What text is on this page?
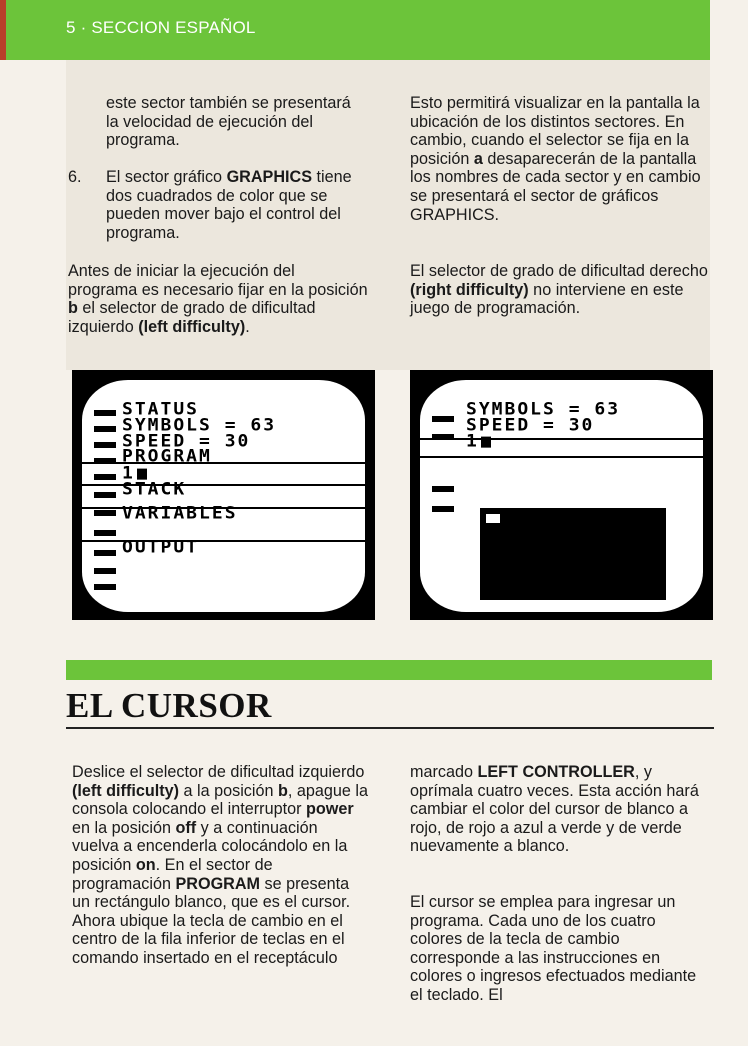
5 · SECCION ESPAÑOL
este sector también se presentará la velocidad de ejecución del programa.
6. El sector gráfico GRAPHICS tiene dos cuadrados de color que se pueden mover bajo el control del programa.
Antes de iniciar la ejecución del programa es necesario fijar en la posición b el selector de grado de dificultad izquierdo (left difficulty).
Esto permitirá visualizar en la pantalla la ubicación de los distintos sectores. En cambio, cuando el selector se fija en la posición a desaparecerán de la pantalla los nombres de cada sector y en cambio se presentará el sector de gráficos GRAPHICS.
El selector de grado de dificultad derecho (right difficulty) no interviene en este juego de programación.
STATUS
SYMBOLS = 63
SPEED = 30
PROGRAM
1
STACK
VARIABLES
OUTPUT
SYMBOLS = 63
SPEED = 30
1
EL CURSOR
Deslice el selector de dificultad izquierdo (left difficulty) a la posición b, apague la consola colocando el interruptor power en la posición off y a continuación vuelva a encenderla colocándolo en la posición on. En el sector de programación PROGRAM se presenta un rectángulo blanco, que es el cursor. Ahora ubique la tecla de cambio en el centro de la fila inferior de teclas en el comando insertado en el receptáculo
marcado LEFT CONTROLLER, y oprímala cuatro veces. Esta acción hará cambiar el color del cursor de blanco a rojo, de rojo a azul a verde y de verde nuevamente a blanco.
El cursor se emplea para ingresar un programa. Cada uno de los cuatro colores de la tecla de cambio corresponde a las instrucciones en colores o ingresos efectuados mediante el teclado. El
